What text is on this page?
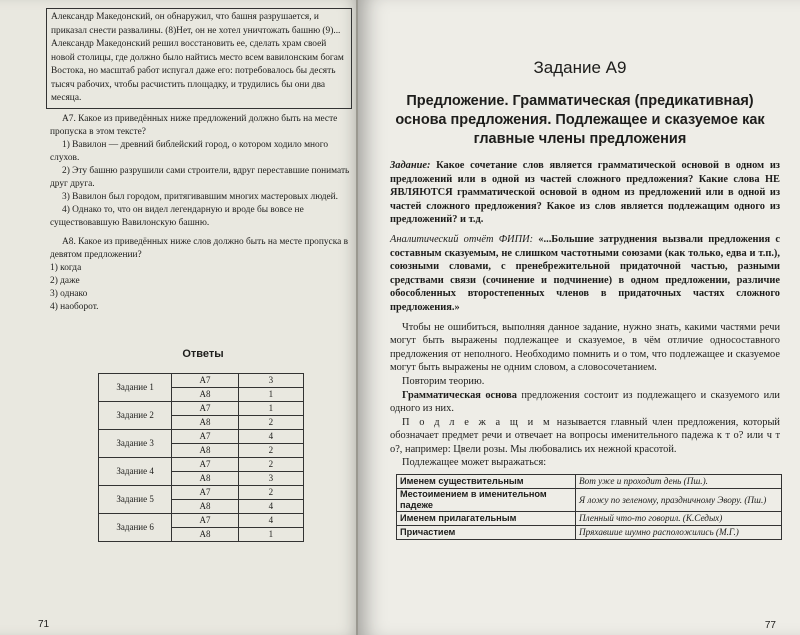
Александр Македонский, он обнаружил, что башня разрушается, и приказал снести развалины. (8)Нет, он не хотел уничтожать башню (9)... Александр Македонский решил восстановить ее, сделать храм своей новой столицы, где должно было найтись место всем вавилонским богам Востока, но масштаб работ испугал даже его: потребовалось бы десять тысяч рабочих, чтобы расчистить площадку, и трудились бы они два месяца.

А7. Какое из приведённых ниже предложений должно быть на месте пропуска в этом тексте?

1) Вавилон — древний библейский город, о котором ходило много слухов.

2) Эту башню разрушили сами строители, вдруг переставшие понимать друг друга.

3) Вавилон был городом, притягивавшим многих мастеровых людей.

4) Однако то, что он видел легендарную и вроде бы вовсе не существовавшую Вавилонскую башню.

А8. Какое из приведённых ниже слов должно быть на месте пропуска в девятом предложении?

1) когда

2) даже

3) однако

4) наоборот.

Ответы
Задание 1	А7	3
	А8	1
Задание 2	А7	1
	А8	2
Задание 3	А7	4
	А8	2
Задание 4	А7	2
	А8	3
Задание 5	А7	2
	А8	4
Задание 6	А7	4
	А8	1
71
Задание А9
Предложение. Грамматическая (предикативная) основа предложения. Подлежащее и сказуемое как главные члены предложения

Задание: Какое сочетание слов является грамматической основой в одном из предложений или в одной из частей сложного предложения? Какие слова НЕ ЯВЛЯЮТСЯ грамматической основой в одном из предложений или в одной из частей сложного предложения? Какое из слов является подлежащим одного из предложений? и т.д.

Аналитический отчёт ФИПИ: «...Большие затруднения вызвали предложения с составным сказуемым, не слишком частотными союзами (как только, едва и т.п.), союзными словами, с пренебрежительной придаточной частью, разными средствами связи (сочинение и подчинение) в одном предложении, различие обособленных второстепенных членов в придаточных частях сложного предложения.»

Чтобы не ошибиться, выполняя данное задание, нужно знать, какими частями речи могут быть выражены подлежащее и сказуемое, в чём отличие односоставного предложения от неполного. Необходимо помнить и о том, что подлежащее и сказуемое могут быть выражены не одним словом, а словосочетанием.

Повторим теорию.

Грамматическая основа предложения состоит из подлежащего и сказуемого или одного из них.

П о д л е ж а щ и м называется главный член предложения, который обозначает предмет речи и отвечает на вопросы именительного падежа к т о? или ч т о?, например: Цвели розы. Мы любовались их нежной красотой.

Подлежащее может выражаться:

Именем существительным	Вот уже и проходит день (Пш.).
Местоимением в именительном падеже	Я ложу по зеленому, праздничному Эвору. (Пш.)
Именем прилагательным	Пленный что-то говорил. (К.Седых)
Причастием	Пряхавшие шумно расположились (М.Г.)
77
